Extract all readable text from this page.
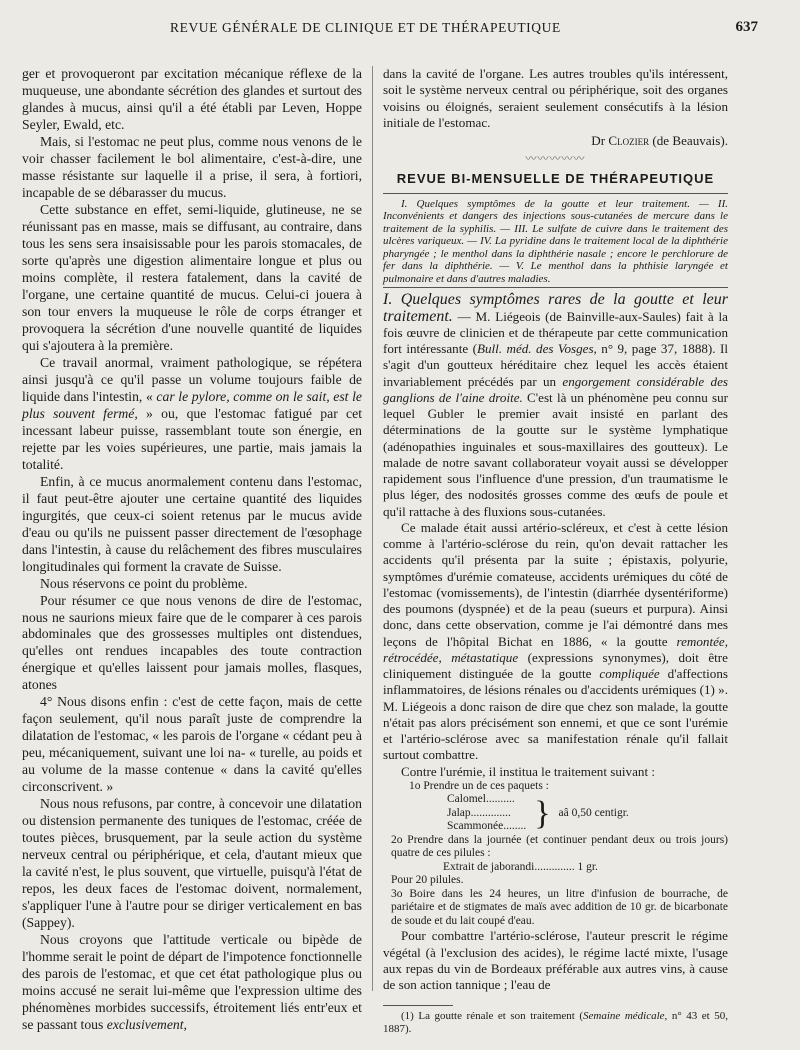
REVUE GÉNÉRALE DE CLINIQUE ET DE THÉRAPEUTIQUE	637

ger et provoqueront par excitation mécanique réflexe de la muqueuse, une abondante sécrétion des glandes et surtout des glandes à mucus, ainsi qu'il a été établi par Leven, Hoppe Seyler, Ewald, etc.

Mais, si l'estomac ne peut plus, comme nous venons de le voir chasser facilement le bol alimentaire, c'est-à-dire, une masse résistante sur laquelle il a prise, il sera, à fortiori, incapable de se débarasser du mucus.

Cette substance en effet, semi-liquide, glutineuse, ne se réunissant pas en masse, mais se diffusant, au contraire, dans tous les sens sera insaisissable pour les parois stomacales, de sorte qu'après une digestion alimentaire longue et plus ou moins complète, il restera fatalement, dans la cavité de l'organe, une certaine quantité de mucus. Celui-ci jouera à son tour envers la muqueuse le rôle de corps étranger et provoquera la sécrétion d'une nouvelle quantité de liquides qui s'ajoutera à la première.

Ce travail anormal, vraiment pathologique, se répétera ainsi jusqu'à ce qu'il passe un volume toujours faible de liquide dans l'intestin, « car le pylore, comme on le sait, est le plus souvent fermé, » ou, que l'estomac fatigué par cet incessant labeur puisse, rassemblant toute son énergie, en rejette par les voies supérieures, une partie, mais jamais la totalité.

Enfin, à ce mucus anormalement contenu dans l'estomac, il faut peut-être ajouter une certaine quantité des liquides ingurgités, que ceux-ci soient retenus par le mucus avide d'eau ou qu'ils ne puissent passer directement de l'œsophage dans l'intestin, à cause du relâchement des fibres musculaires longitudinales qui forment la cravate de Suisse.

Nous réservons ce point du problème.

Pour résumer ce que nous venons de dire de l'estomac, nous ne saurions mieux faire que de le comparer à ces parois abdominales que des grossesses multiples ont distendues, qu'elles ont rendues incapables des toute contraction énergique et qu'elles laissent pour jamais molles, flasques, atones

4° Nous disons enfin : c'est de cette façon, mais de cette façon seulement, qu'il nous paraît juste de comprendre la dilatation de l'estomac, « les parois de l'organe « cédant peu à peu, mécaniquement, suivant une loi na- « turelle, au poids et au volume de la masse contenue « dans la cavité qu'elles circonscrivent. »

Nous nous refusons, par contre, à concevoir une dilatation ou distension permanente des tuniques de l'estomac, créée de toutes pièces, brusquement, par la seule action du système nerveux central ou périphérique, et cela, d'autant mieux que la cavité n'est, le plus souvent, que virtuelle, puisqu'à l'état de repos, les deux faces de l'estomac doivent, normalement, s'appliquer l'une à l'autre pour se diriger verticalement en bas (Sappey).

Nous croyons que l'attitude verticale ou bipède de l'homme serait le point de départ de l'impotence fonctionnelle des parois de l'estomac, et que cet état pathologique plus ou moins accusé ne serait lui-même que l'expression ultime des phénomènes morbides successifs, étroitement liés entr'eux et se passant tous exclusivement,

dans la cavité de l'organe. Les autres troubles qu'ils intéressent, soit le système nerveux central ou périphérique, soit des organes voisins ou éloignés, seraient seulement consécutifs à la lésion initiale de l'estomac.

Dr Clozier (de Beauvais).
〰〰〰〰〰
REVUE BI-MENSUELLE DE THÉRAPEUTIQUE

I. Quelques symptômes de la goutte et leur traitement. — II. Inconvénients et dangers des injections sous-cutanées de mercure dans le traitement de la syphilis. — III. Le sulfate de cuivre dans le traitement des ulcères variqueux. — IV. La pyridine dans le traitement local de la diphthérie pharyngée ; le menthol dans la diphthérie nasale ; encore le perchlorure de fer dans la diphthérie. — V. Le menthol dans la phthisie laryngée et pulmonaire et dans d'autres maladies.

I. Quelques symptômes rares de la goutte et leur traitement. — M. Liégeois (de Bainville-aux-Saules) fait à la fois œuvre de clinicien et de thérapeute par cette communication fort intéressante (Bull. méd. des Vosges, n° 9, page 37, 1888). Il s'agit d'un goutteux héréditaire chez lequel les accès étaient invariablement précédés par un engorgement considérable des ganglions de l'aine droite. C'est là un phénomène peu connu sur lequel Gubler le premier avait insisté en parlant des déterminations de la goutte sur le système lymphatique (adénopathies inguinales et sous-maxillaires des goutteux). Le malade de notre savant collaborateur voyait aussi se développer rapidement sous l'influence d'une pression, d'un traumatisme le plus léger, des nodosités grosses comme des œufs de poule et qu'il rattache à des fluxions sous-cutanées.

Ce malade était aussi artério-scléreux, et c'est à cette lésion comme à l'artério-sclérose du rein, qu'on devait rattacher les accidents qu'il présenta par la suite ; épistaxis, polyurie, symptômes d'urémie comateuse, accidents urémiques du côté de l'estomac (vomissements), de l'intestin (diarrhée dysentériforme) des poumons (dyspnée) et de la peau (sueurs et purpura). Ainsi donc, dans cette observation, comme je l'ai démontré dans mes leçons de l'hôpital Bichat en 1886, « la goutte remontée, rétrocédée, métastatique (expressions synonymes), doit être cliniquement distinguée de la goutte compliquée d'affections inflammatoires, de lésions rénales ou d'accidents urémiques (1) ». M. Liégeois a donc raison de dire que chez son malade, la goutte n'était pas alors précisément son ennemi, et que ce sont l'urémie et l'artério-sclérose avec sa manifestation rénale qu'il fallait surtout combattre.

Contre l'urémie, il institua le traitement suivant :

1o Prendre un de ces paquets :

Calomel..........	}	aâ 0,50 centigr.
Jalap..............
Scammonée........

2o Prendre dans la journée (et continuer pendant deux ou trois jours) quatre de ces pilules :

Extrait de jaborandi.............. 1 gr.

Pour 20 pilules.

3o Boire dans les 24 heures, un litre d'infusion de bourrache, de pariétaire et de stigmates de maïs avec addition de 10 gr. de bicarbonate de soude et du lait coupé d'eau.

Pour combattre l'artério-sclérose, l'auteur prescrit le régime végétal (à l'exclusion des acides), le régime lacté mixte, l'usage aux repas du vin de Bordeaux préférable aux autres vins, à cause de son action tannique ; l'eau de

(1) La goutte rénale et son traitement (Semaine médicale, n° 43 et 50, 1887).
